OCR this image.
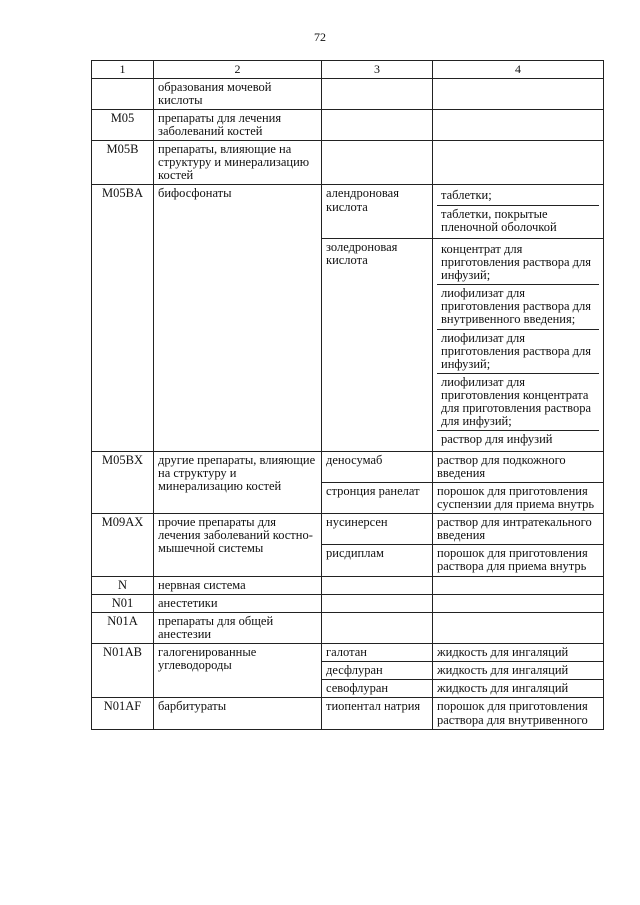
72
1	2	3	4
	образования мочевой кислоты		
M05	препараты для лечения заболеваний костей		
M05B	препараты, влияющие на структуру и минерализацию костей		
M05BA	бифосфонаты	алендроновая кислота	таблетки;
таблетки, покрытые пленочной оболочкой

		золедроновая кислота	концентрат для приготовления раствора для инфузий;
лиофилизат для приготовления раствора для внутривенного введения;
лиофилизат для приготовления раствора для инфузий;
лиофилизат для приготовления концентрата для приготовления раствора для инфузий;
раствор для инфузий

M05BX	другие препараты, влияющие на структуру и минерализацию костей	деносумаб	раствор для подкожного введения
		стронция ранелат	порошок для приготовления суспензии для приема внутрь
M09AX	прочие препараты для лечения заболеваний костно-мышечной системы	нусинерсен	раствор для интратекального введения
		рисдиплам	порошок для приготовления раствора для приема внутрь
N	нервная система		
N01	анестетики		
N01A	препараты для общей анестезии		
N01AB	галогенированные углеводороды	галотан	жидкость для ингаляций
		десфлуран	жидкость для ингаляций
		севофлуран	жидкость для ингаляций
N01AF	барбитураты	тиопентал натрия	порошок для приготовления раствора для внутривенного
